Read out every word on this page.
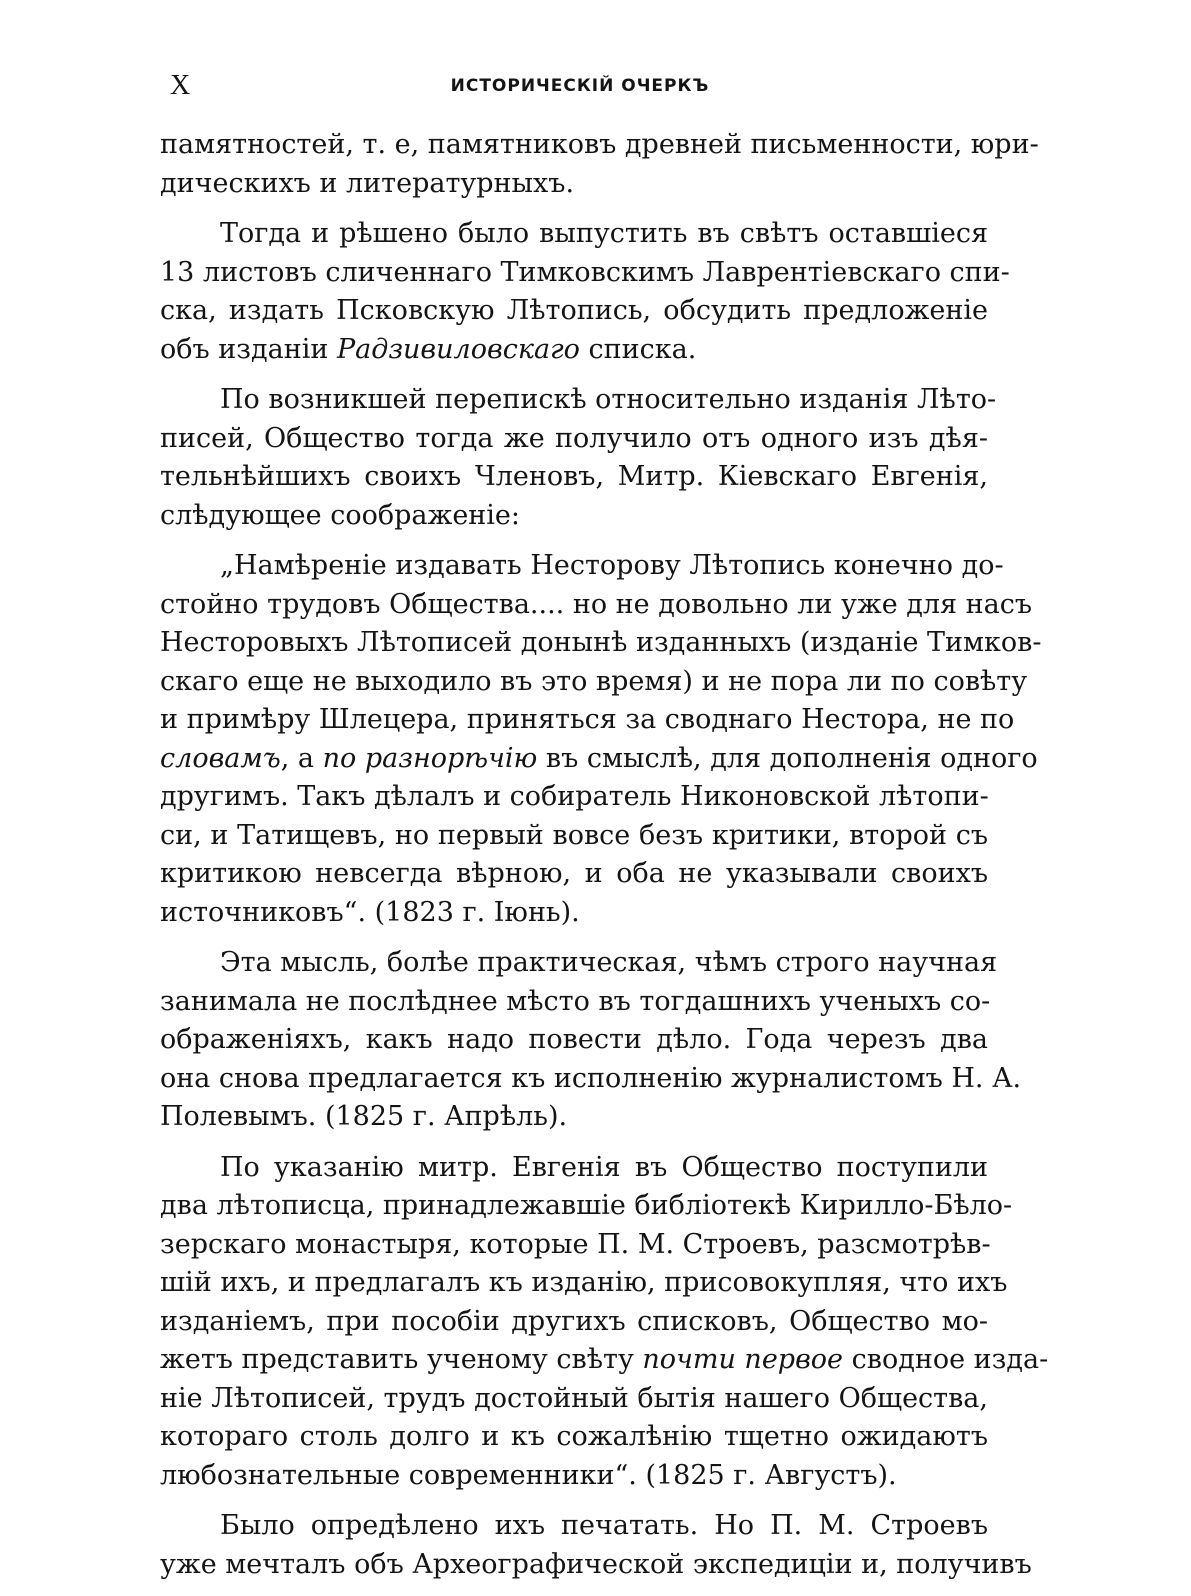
X	ИСТОРИЧЕСКІЙ ОЧЕРКЪ
памятностей, т. е, памятниковъ древней письменности, юри-
дическихъ и литературныхъ.
Тогда и рѣшено было выпустить въ свѣтъ оставшіеся
13 листовъ сличеннаго Тимковскимъ Лаврентіевскаго спи-
ска, издать Псковскую Лѣтопись, обсудить предложеніе
объ изданіи Радзивиловскаго списка.
По возникшей перепискѣ относительно изданія Лѣто-
писей, Общество тогда же получило отъ одного изъ дѣя-
тельнѣйшихъ своихъ Членовъ, Митр. Кіевскаго Евгенія,
слѣдующее соображеніе:
„Намѣреніе издавать Несторову Лѣтопись конечно до-
стойно трудовъ Общества.... но не довольно ли уже для насъ
Несторовыхъ Лѣтописей донынѣ изданныхъ (изданіе Тимков-
скаго еще не выходило въ это время) и не пора ли по совѣту
и примѣру Шлецера, приняться за своднаго Нестора, не по
словамъ, а по разнорѣчію въ смыслѣ, для дополненія одного
другимъ. Такъ дѣлалъ и собиратель Никоновской лѣтопи-
си, и Татищевъ, но первый вовсе безъ критики, второй съ
критикою невсегда вѣрною, и оба не указывали своихъ
источниковъ“. (1823 г. Іюнь).
Эта мысль, болѣе практическая, чѣмъ строго научная
занимала не послѣднее мѣсто въ тогдашнихъ ученыхъ со-
ображеніяхъ, какъ надо повести дѣло. Года черезъ два
она снова предлагается къ исполненію журналистомъ Н. А.
Полевымъ. (1825 г. Апрѣль).
По указанію митр. Евгенія въ Общество поступили
два лѣтописца, принадлежавшіе библіотекѣ Кирилло-Бѣло-
зерскаго монастыря, которые П. М. Строевъ, разсмотрѣв-
шій ихъ, и предлагалъ къ изданію, присовокупляя, что ихъ
изданіемъ, при пособіи другихъ списковъ, Общество мо-
жетъ представить ученому свѣту почти первое сводное изда-
ніе Лѣтописей, трудъ достойный бытія нашего Общества,
котораго столь долго и къ сожалѣнію тщетно ожидаютъ
любознательные современники“. (1825 г. Августъ).
Было опредѣлено ихъ печатать. Но П. М. Строевъ
уже мечталъ объ Археографической экспедиціи и, получивъ
